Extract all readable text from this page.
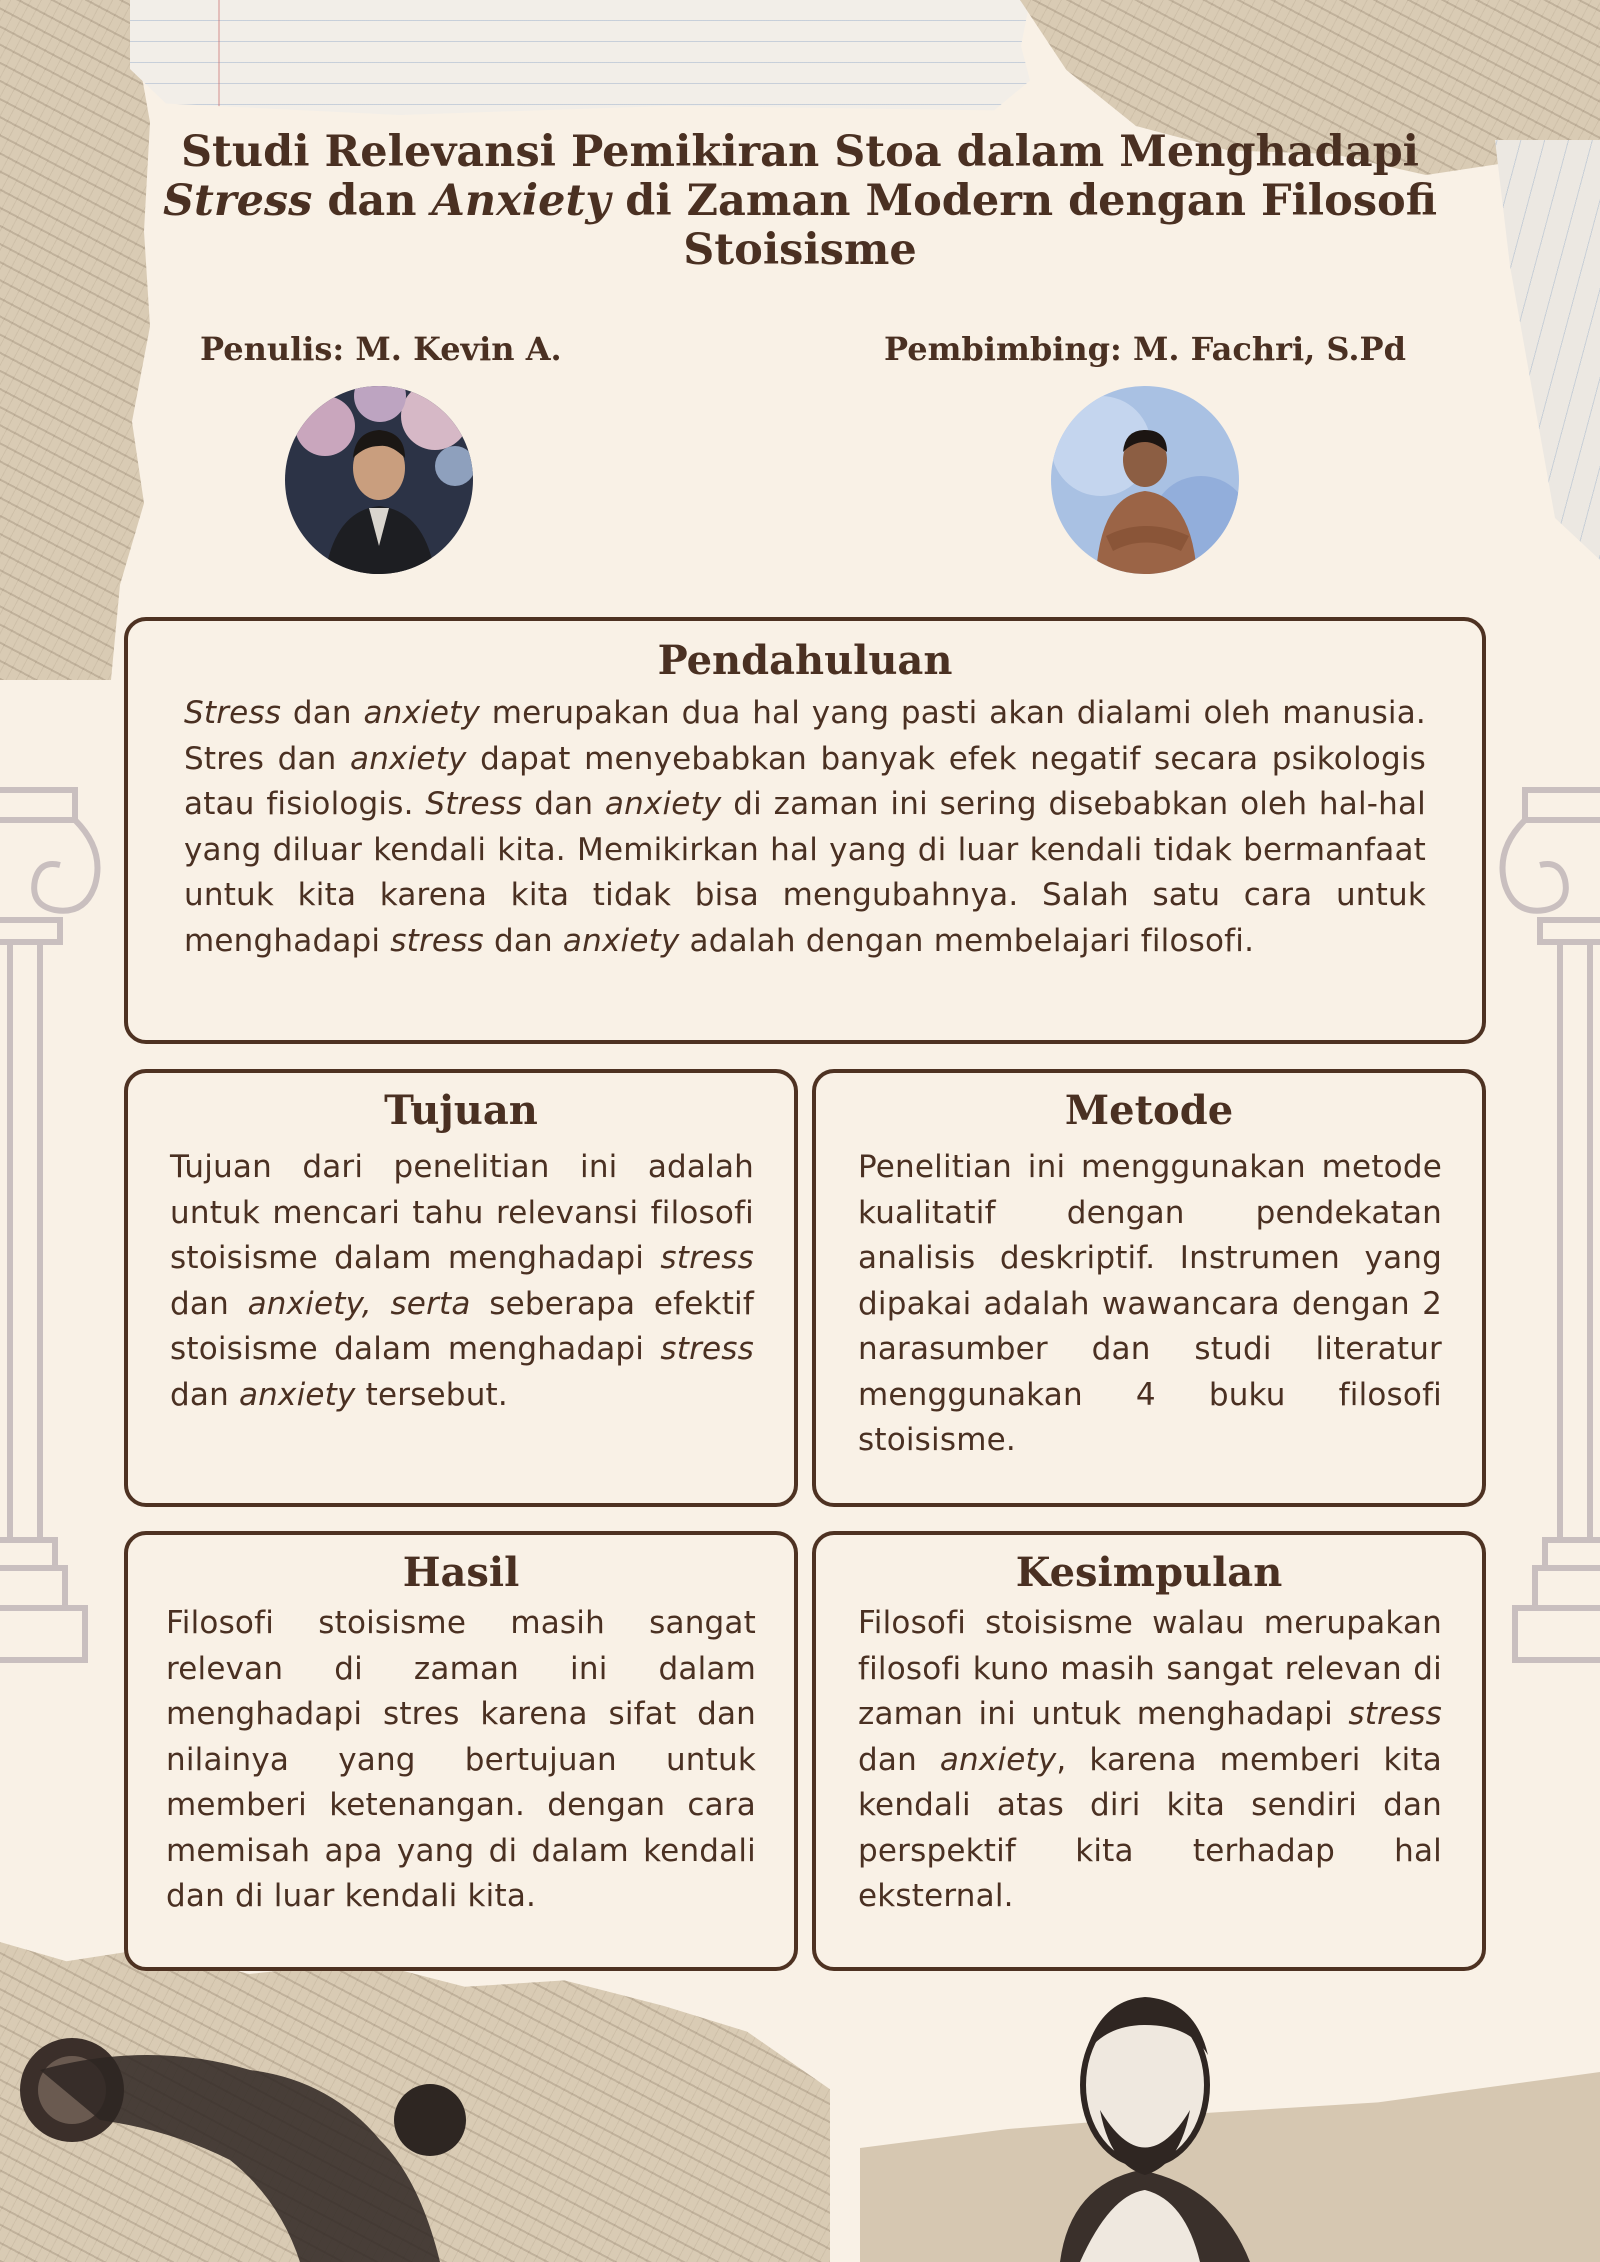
Studi Relevansi Pemikiran Stoa dalam Menghadapi
Stress dan Anxiety di Zaman Modern dengan Filosofi
Stoisisme
Penulis: M. Kevin A.	Pembimbing: M. Fachri, S.Pd
Pendahuluan
Stress dan anxiety merupakan dua hal yang pasti akan dialami oleh manusia. Stres dan anxiety dapat menyebabkan banyak efek negatif secara psikologis atau fisiologis. Stress dan anxiety di zaman ini sering disebabkan oleh hal-hal yang diluar kendali kita. Memikirkan hal yang di luar kendali tidak bermanfaat untuk kita karena kita tidak bisa mengubahnya. Salah satu cara untuk menghadapi stress dan anxiety adalah dengan membelajari filosofi.
Tujuan
Tujuan dari penelitian ini adalah untuk mencari tahu relevansi filosofi stoisisme dalam menghadapi stress dan anxiety, serta seberapa efektif stoisisme dalam menghadapi stress dan anxiety tersebut.
Metode
Penelitian ini menggunakan metode kualitatif dengan pendekatan analisis deskriptif. Instrumen yang dipakai adalah wawancara dengan 2 narasumber dan studi literatur menggunakan 4 buku filosofi stoisisme.
Hasil
Filosofi stoisisme masih sangat relevan di zaman ini dalam menghadapi stres karena sifat dan nilainya yang bertujuan untuk memberi ketenangan. dengan cara memisah apa yang di dalam kendali dan di luar kendali kita.
Kesimpulan
Filosofi stoisisme walau merupakan filosofi kuno masih sangat relevan di zaman ini untuk menghadapi stress dan anxiety, karena memberi kita kendali atas diri kita sendiri dan perspektif kita terhadap hal eksternal.
